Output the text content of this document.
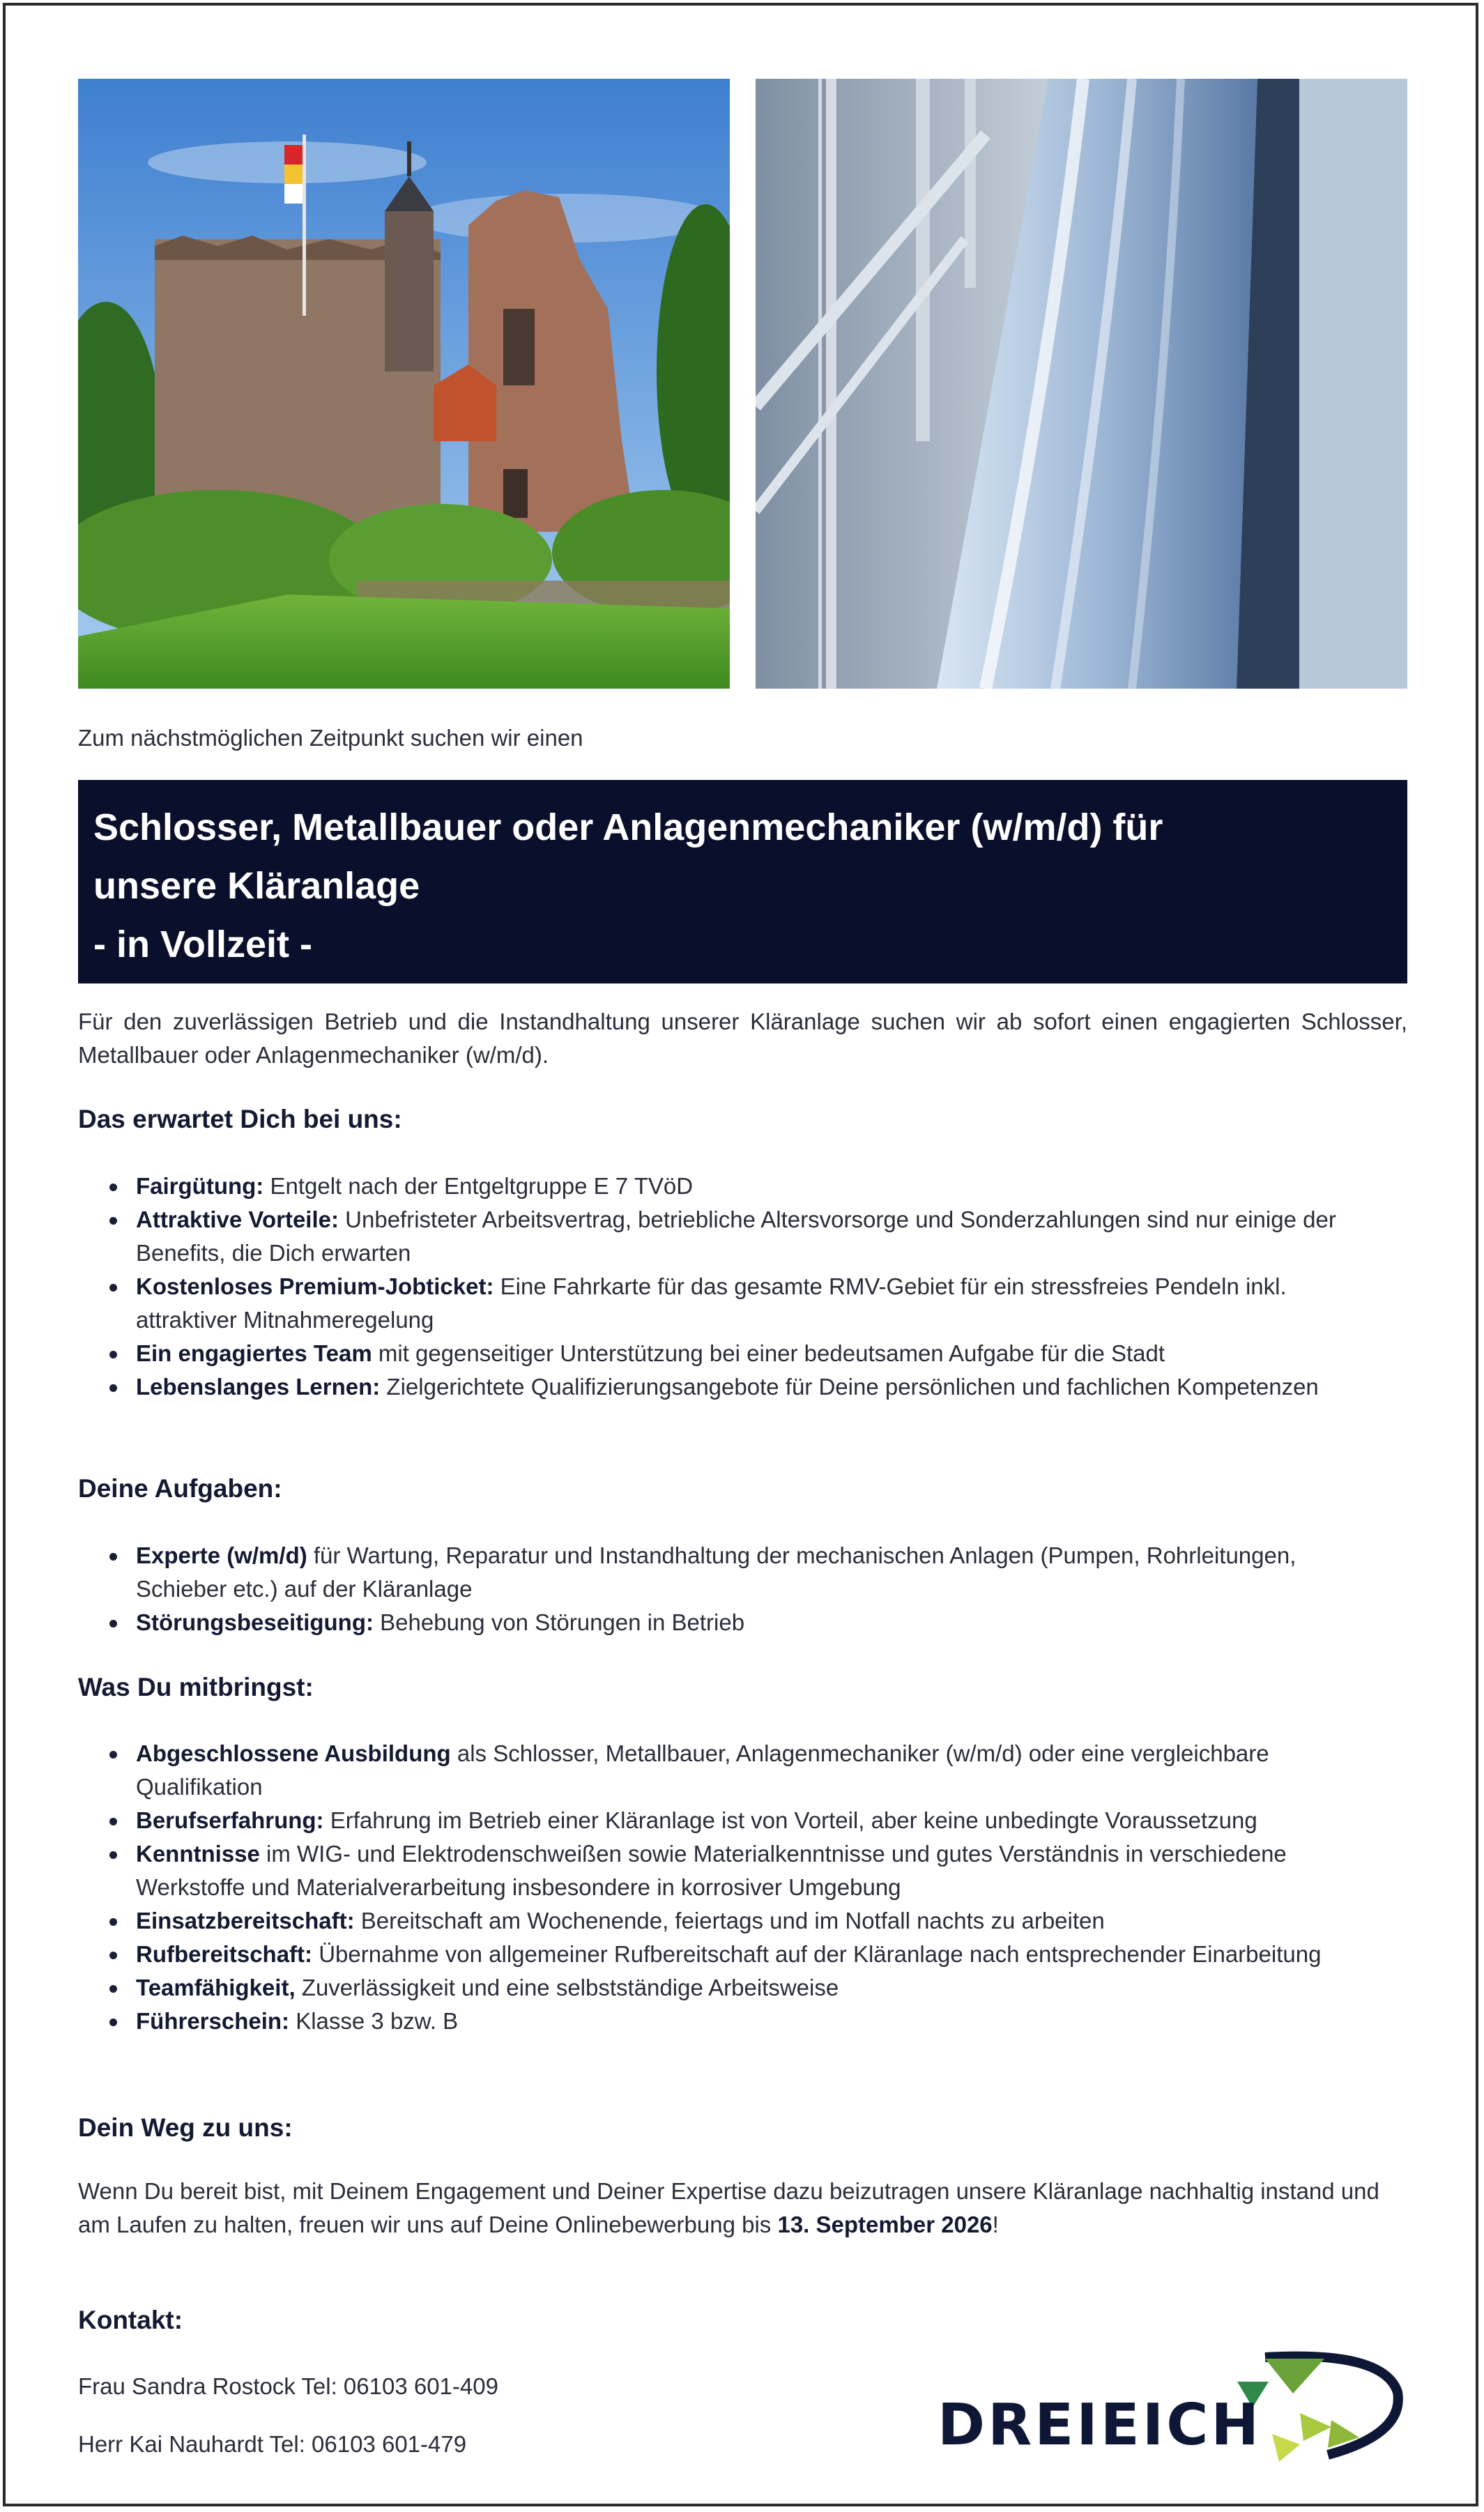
Zum nächstmöglichen Zeitpunkt suchen wir einen
Schlosser, Metallbauer oder Anlagenmechaniker (w/m/d) für
unsere Kläranlage
- in Vollzeit -
Für den zuverlässigen Betrieb und die Instandhaltung unserer Kläranlage suchen wir ab sofort einen engagierten Schlosser, Metallbauer oder Anlagenmechaniker (w/m/d).
Das erwartet Dich bei uns:
Fairgütung: Entgelt nach der Entgeltgruppe E 7 TVöD
Attraktive Vorteile: Unbefristeter Arbeitsvertrag, betriebliche Altersvorsorge und Sonderzahlungen sind nur einige der Benefits, die Dich erwarten
Kostenloses Premium-Jobticket: Eine Fahrkarte für das gesamte RMV-Gebiet für ein stressfreies Pendeln inkl. attraktiver Mitnahmeregelung
Ein engagiertes Team mit gegenseitiger Unterstützung bei einer bedeutsamen Aufgabe für die Stadt
Lebenslanges Lernen: Zielgerichtete Qualifizierungsangebote für Deine persönlichen und fachlichen Kompetenzen
Deine Aufgaben:
Experte (w/m/d) für Wartung, Reparatur und Instandhaltung der mechanischen Anlagen (Pumpen, Rohrleitungen, Schieber etc.) auf der Kläranlage
Störungsbeseitigung: Behebung von Störungen in Betrieb
Was Du mitbringst:
Abgeschlossene Ausbildung als Schlosser, Metallbauer, Anlagenmechaniker (w/m/d) oder eine vergleichbare Qualifikation
Berufserfahrung: Erfahrung im Betrieb einer Kläranlage ist von Vorteil, aber keine unbedingte Voraussetzung
Kenntnisse im WIG- und Elektrodenschweißen sowie Materialkenntnisse und gutes Verständnis in verschiedene Werkstoffe und Materialverarbeitung insbesondere in korrosiver Umgebung
Einsatzbereitschaft: Bereitschaft am Wochenende, feiertags und im Notfall nachts zu arbeiten
Rufbereitschaft: Übernahme von allgemeiner Rufbereitschaft auf der Kläranlage nach entsprechender Einarbeitung
Teamfähigkeit, Zuverlässigkeit und eine selbstständige Arbeitsweise
Führerschein: Klasse 3 bzw. B
Dein Weg zu uns:
Wenn Du bereit bist, mit Deinem Engagement und Deiner Expertise dazu beizutragen unsere Kläranlage nachhaltig instand und am Laufen zu halten, freuen wir uns auf Deine Onlinebewerbung bis 13. September 2026!
Kontakt:
Frau Sandra Rostock Tel: 06103 601-409
Herr Kai Nauhardt Tel: 06103 601-479	DREIEICH
